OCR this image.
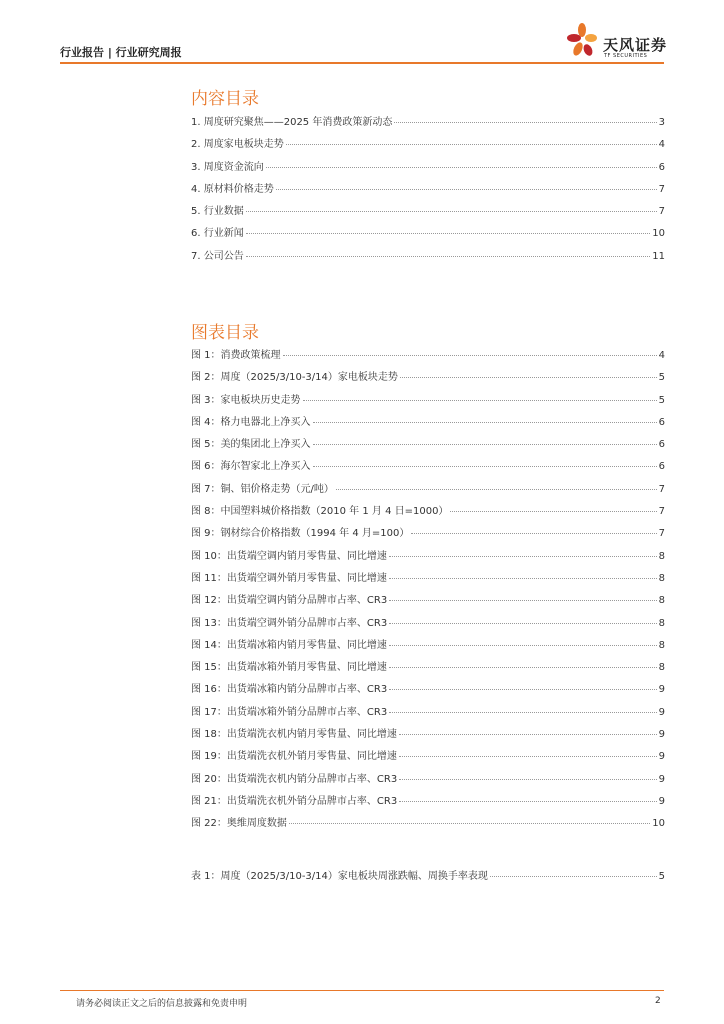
行业报告 | 行业研究周报	天风证券
TF SECURITIES
内容目录
1. 周度研究聚焦——2025 年消费政策新动态	3
2. 周度家电板块走势	4
3. 周度资金流向	6
4. 原材料价格走势	7
5. 行业数据	7
6. 行业新闻	10
7. 公司公告	11
图表目录
图 1：消费政策梳理	4
图 2：周度（2025/3/10-3/14）家电板块走势	5
图 3：家电板块历史走势	5
图 4：格力电器北上净买入	6
图 5：美的集团北上净买入	6
图 6：海尔智家北上净买入	6
图 7：铜、铝价格走势（元/吨）	7
图 8：中国塑料城价格指数（2010 年 1 月 4 日=1000）	7
图 9：钢材综合价格指数（1994 年 4 月=100）	7
图 10：出货端空调内销月零售量、同比增速	8
图 11：出货端空调外销月零售量、同比增速	8
图 12：出货端空调内销分品牌市占率、CR3	8
图 13：出货端空调外销分品牌市占率、CR3	8
图 14：出货端冰箱内销月零售量、同比增速	8
图 15：出货端冰箱外销月零售量、同比增速	8
图 16：出货端冰箱内销分品牌市占率、CR3	9
图 17：出货端冰箱外销分品牌市占率、CR3	9
图 18：出货端洗衣机内销月零售量、同比增速	9
图 19：出货端洗衣机外销月零售量、同比增速	9
图 20：出货端洗衣机内销分品牌市占率、CR3	9
图 21：出货端洗衣机外销分品牌市占率、CR3	9
图 22：奥维周度数据	10
表 1：周度（2025/3/10-3/14）家电板块周涨跌幅、周换手率表现	5
请务必阅读正文之后的信息披露和免责申明	2
